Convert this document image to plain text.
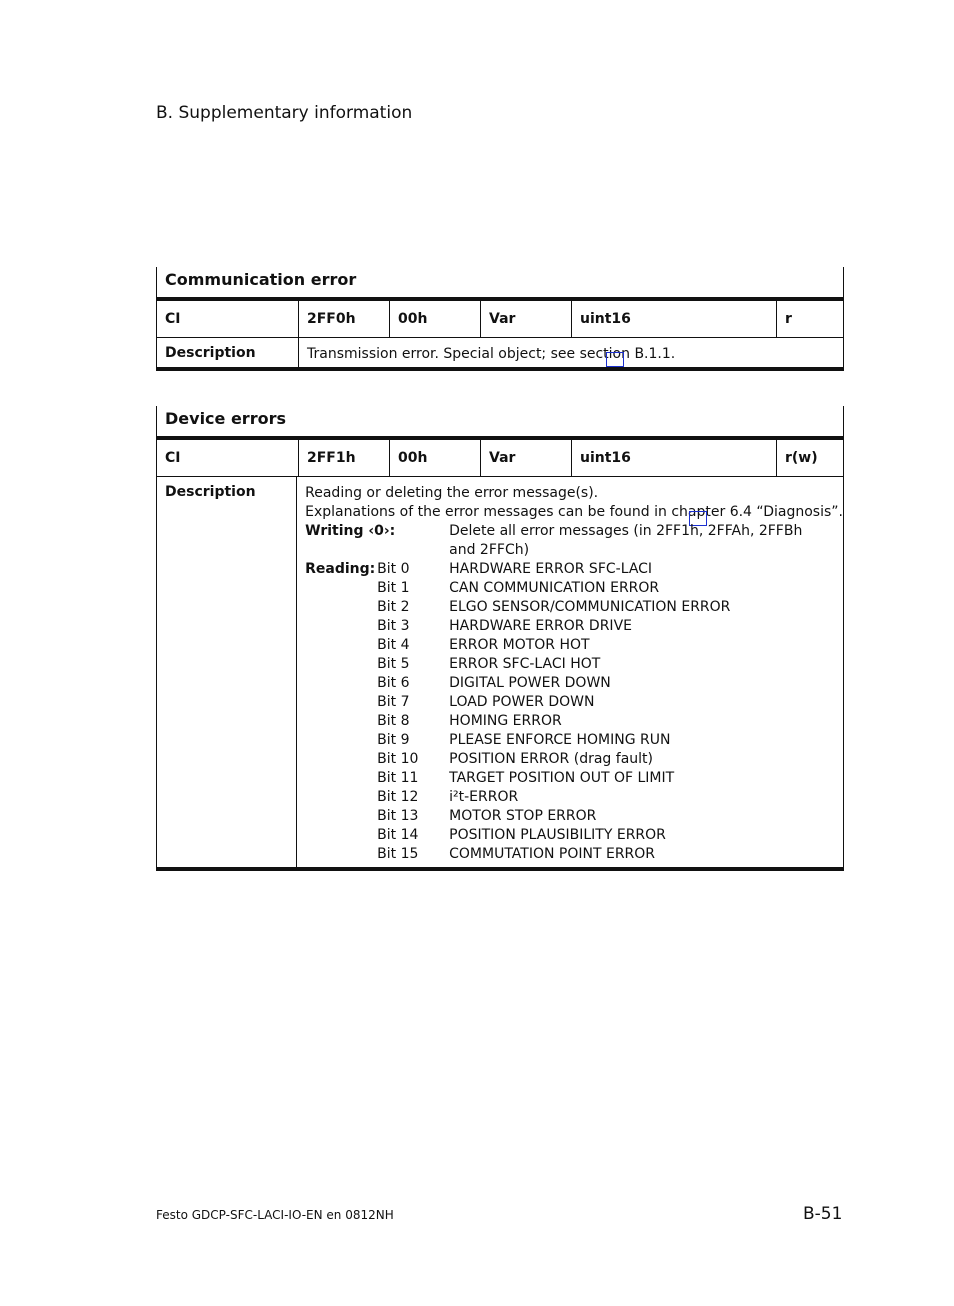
B. Supplementary information
Communication error
CI	2FF0h	00h	Var	uint16	r
Description	Transmission error. Special object; see section B.1.1.
Device errors
CI	2FF1h	00h	Var	uint16	r(w)
Description	Reading or deleting the error message(s).
Explanations of the error messages can be found in chapter 6.4 “Diagnosis”.
Writing ‹0›:	Delete all error messages (in 2FF1h, 2FFAh, 2FFBh
and 2FFCh)
Reading: Bit 0	HARDWARE ERROR SFC-LACI
Bit 1	CAN COMMUNICATION ERROR
Bit 2	ELGO SENSOR/COMMUNICATION ERROR
Bit 3	HARDWARE ERROR DRIVE
Bit 4	ERROR MOTOR HOT
Bit 5	ERROR SFC-LACI HOT
Bit 6	DIGITAL POWER DOWN
Bit 7	LOAD POWER DOWN
Bit 8	HOMING ERROR
Bit 9	PLEASE ENFORCE HOMING RUN
Bit 10 POSITION ERROR (drag fault)
Bit 11 TARGET POSITION OUT OF LIMIT
Bit 12 i²t-ERROR
Bit 13 MOTOR STOP ERROR
Bit 14 POSITION PLAUSIBILITY ERROR
Bit 15 COMMUTATION POINT ERROR
Festo GDCP-SFC-LACI-IO-EN en 0812NH	B-51
